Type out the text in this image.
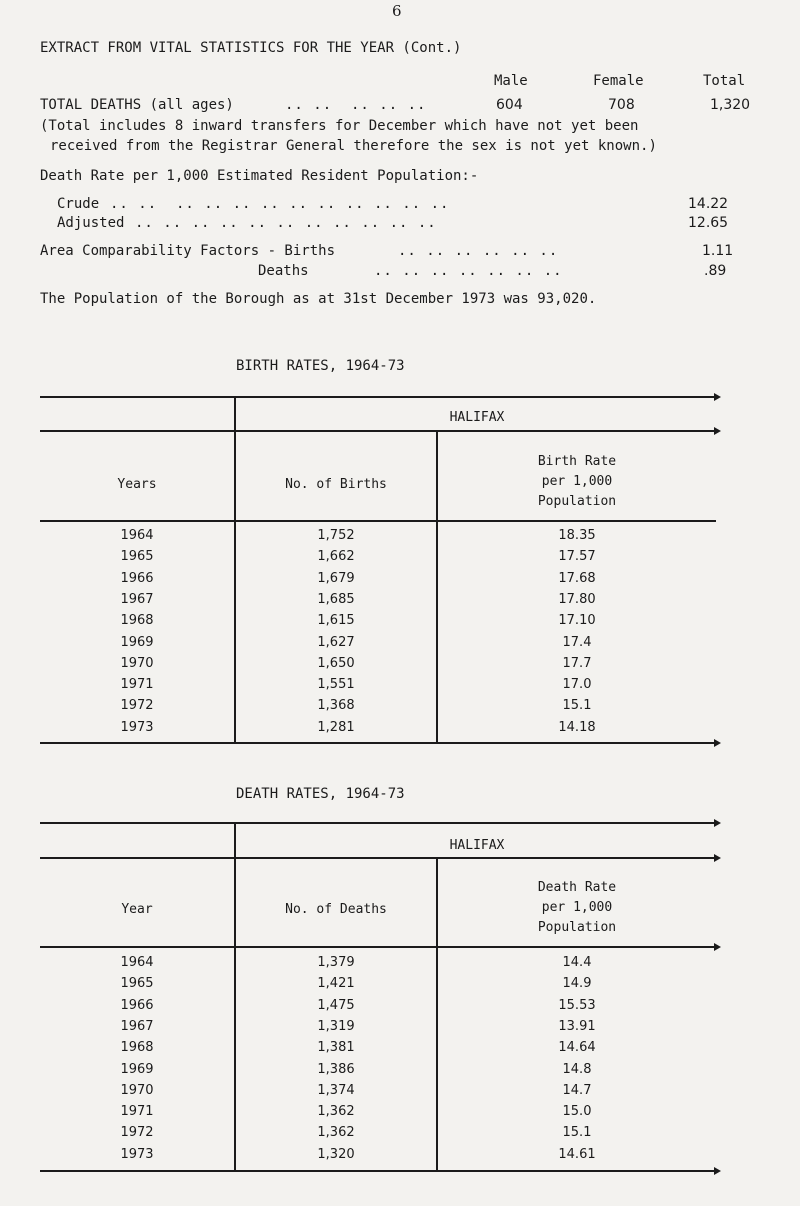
6
EXTRACT FROM VITAL STATISTICS FOR THE YEAR (Cont.)
Male	Female	Total
TOTAL DEATHS (all ages)	.. ..  .. .. ..	604	708	1,320
(Total includes 8 inward transfers for December which have not yet been
received from the Registrar General therefore the sex is not yet known.)
Death Rate per 1,000 Estimated Resident Population:-
Crude .. ..  .. .. .. .. .. .. .. .. .. ..	14.22
Adjusted .. .. .. .. .. .. .. .. .. .. ..	12.65
Area Comparability Factors - Births	.. .. .. .. .. ..	1.11
Deaths	.. .. .. .. .. .. ..	.89
The Population of the Borough as at 31st December 1973 was 93,020.
BIRTH RATES, 1964-73
HALIFAX
Years	No. of Births
Birth Rate
per 1,000
Population
1964	1,752	18.35
1965	1,662	17.57
1966	1,679	17.68
1967	1,685	17.80
1968	1,615	17.10
1969	1,627	17.4
1970	1,650	17.7
1971	1,551	17.0
1972	1,368	15.1
1973	1,281	14.18
DEATH RATES, 1964-73
HALIFAX
Year	No. of Deaths
Death Rate
per 1,000
Population
1964	1,379	14.4
1965	1,421	14.9
1966	1,475	15.53
1967	1,319	13.91
1968	1,381	14.64
1969	1,386	14.8
1970	1,374	14.7
1971	1,362	15.0
1972	1,362	15.1
1973	1,320	14.61
